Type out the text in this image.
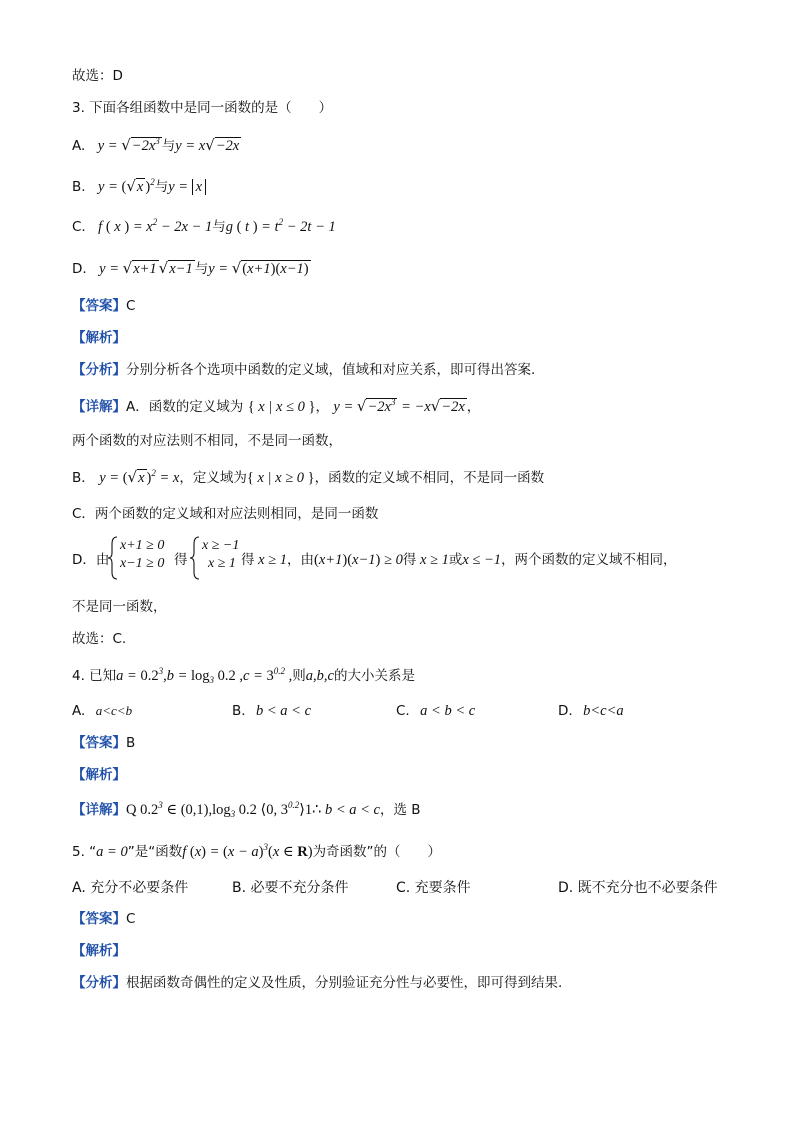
故选：D
3. 下面各组函数中是同一函数的是（　　）
A. $y = √-2x^3$ 与y = x√−2x
B. y = (√x )$^2$与y = x
C. f ( x ) = $x^2 - 2x - 1$与g ( t ) = $t^2 - 2t - 1$
D. y = √x+1 √x−1 与y = √(x+1)(x−1)
【答案】C
【解析】
【分析】分别分析各个选项中函数的定义域，值域和对应关系，即可得出答案.
【详解】A．函数的定义域为 { x | x ≤ 0 }， $y = √-2x^3 = -x√-2x$ ，
两个函数的对应法则不相同，不是同一函数，
B． y = (√x )$^2$ = x，定义域为{ x | x ≥ 0 }，函数的定义域不相同，不是同一函数
C．两个函数的定义域和对应法则相同，是同一函数
D．由
x+1 ≥ 0
x−1 ≥ 0 得
x ≥ −1
x ≥ 1 得 x ≥ 1，由(x+1)(x−1) ≥ 0得 x ≥ 1或x ≤ −1，两个函数的定义域不相同，
不是同一函数，
故选：C.
4. 已知$a = 0.2^3,b = \log_3 0.2$ $,c = 3^{0.2}$ ,则a,b,c的大小关系是
A. a<c<b	B. b < a < c	C. a < b < c	D. b<c<a
【答案】B
【解析】
【详解】Q $0.2^3$ ∈ $(0,1),\log_3$ 0.2 ⟨0, $3^{0.2}⟩1\therefore$ b < a < c，选 B
5. “a = 0”是“函数f $(x) = (x - a)^3(x$ ∈ R)为奇函数”的（　　）
A. 充分不必要条件	B. 必要不充分条件	C. 充要条件	D. 既不充分也不必要条件
【答案】C
【解析】
【分析】根据函数奇偶性的定义及性质，分别验证充分性与必要性，即可得到结果.
